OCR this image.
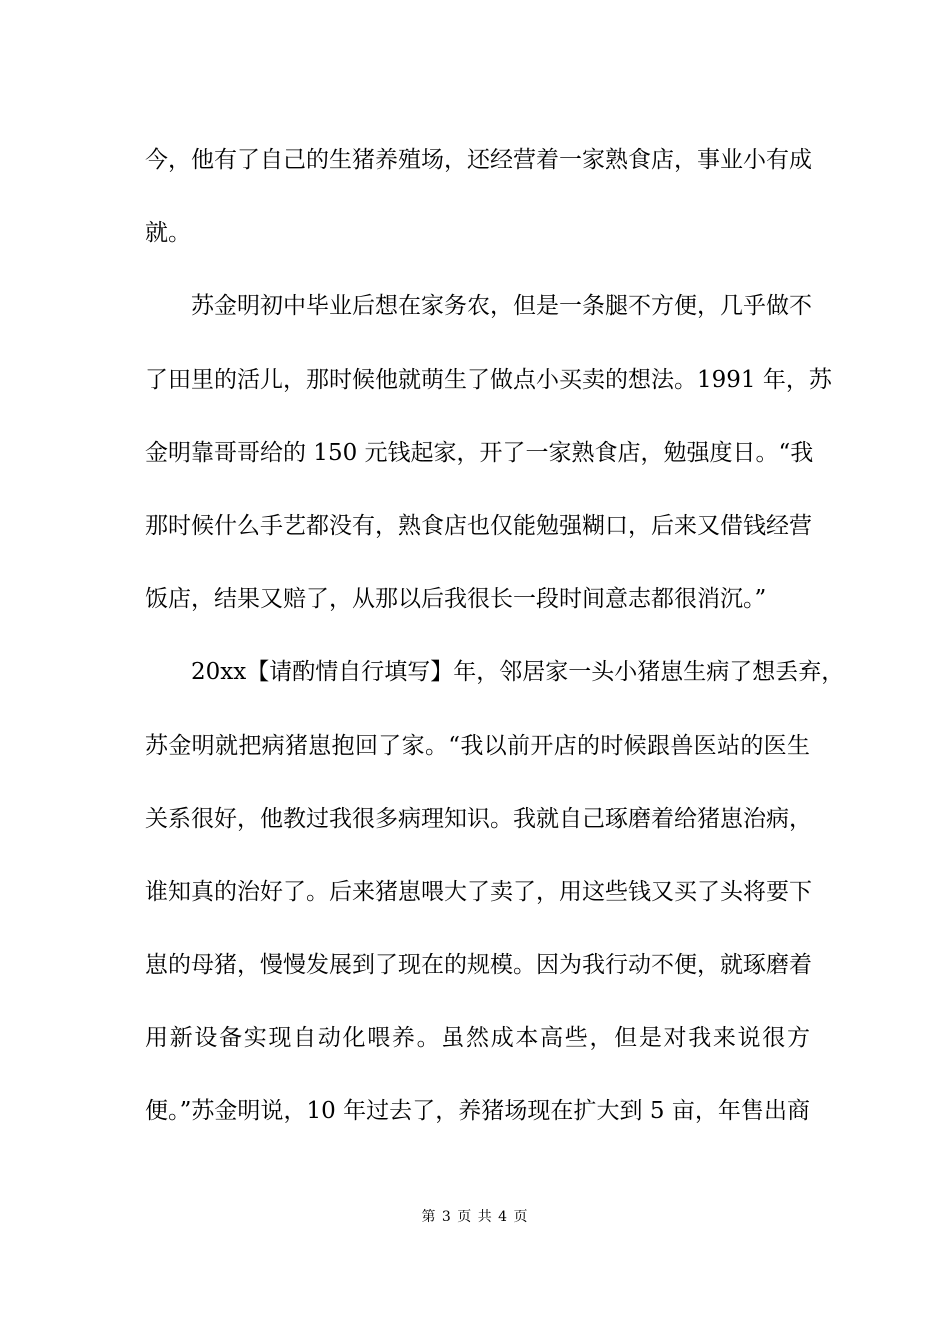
今，他有了自己的生猪养殖场，还经营着一家熟食店，事业小有成
就。
苏金明初中毕业后想在家务农，但是一条腿不方便，几乎做不
了田里的活儿，那时候他就萌生了做点小买卖的想法。1991 年，苏
金明靠哥哥给的 150 元钱起家，开了一家熟食店，勉强度日。“我
那时候什么手艺都没有，熟食店也仅能勉强糊口，后来又借钱经营
饭店，结果又赔了，从那以后我很长一段时间意志都很消沉。”
20xx【请酌情自行填写】年，邻居家一头小猪崽生病了想丢弃，
苏金明就把病猪崽抱回了家。“我以前开店的时候跟兽医站的医生
关系很好，他教过我很多病理知识。我就自己琢磨着给猪崽治病，
谁知真的治好了。后来猪崽喂大了卖了，用这些钱又买了头将要下
崽的母猪，慢慢发展到了现在的规模。因为我行动不便，就琢磨着
用新设备实现自动化喂养。虽然成本高些，但是对我来说很方
便。”苏金明说，10 年过去了，养猪场现在扩大到 5 亩，年售出商
第 3 页 共 4 页
